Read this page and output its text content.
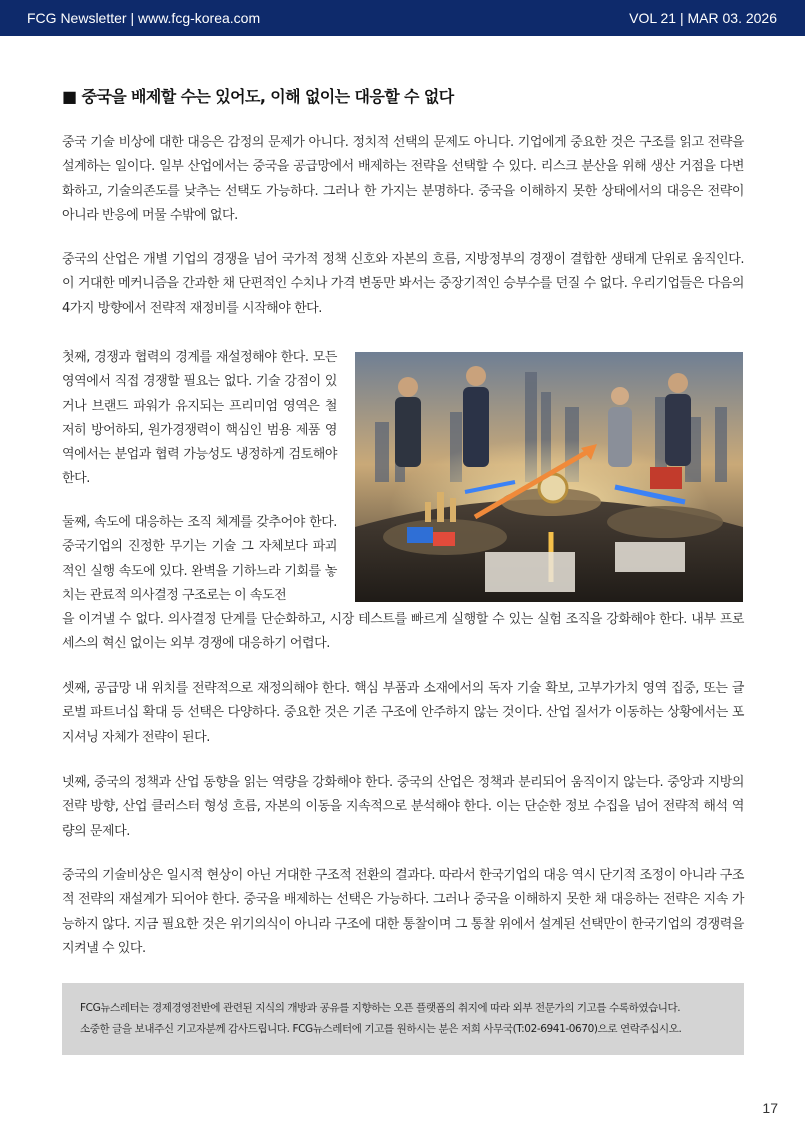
FCG Newsletter | www.fcg-korea.com	VOL 21 | MAR 03. 2026
■ 중국을 배제할 수는 있어도, 이해 없이는 대응할 수 없다

중국 기술 비상에 대한 대응은 감정의 문제가 아니다. 정치적 선택의 문제도 아니다. 기업에게 중요한 것은 구조를 읽고 전략을 설계하는 일이다. 일부 산업에서는 중국을 공급망에서 배제하는 전략을 선택할 수 있다. 리스크 분산을 위해 생산 거점을 다변화하고, 기술의존도를 낮추는 선택도 가능하다. 그러나 한 가지는 분명하다. 중국을 이해하지 못한 상태에서의 대응은 전략이 아니라 반응에 머물 수밖에 없다.

중국의 산업은 개별 기업의 경쟁을 넘어 국가적 정책 신호와 자본의 흐름, 지방정부의 경쟁이 결합한 생태계 단위로 움직인다. 이 거대한 메커니즘을 간과한 채 단편적인 수치나 가격 변동만 봐서는 중장기적인 승부수를 던질 수 없다. 우리기업들은 다음의 4가지 방향에서 전략적 재정비를 시작해야 한다.

첫째, 경쟁과 협력의 경계를 재설정해야 한다. 모든 영역에서 직접 경쟁할 필요는 없다. 기술 강점이 있거나 브랜드 파워가 유지되는 프리미엄 영역은 철저히 방어하되, 원가경쟁력이 핵심인 범용 제품 영역에서는 분업과 협력 가능성도 냉정하게 검토해야 한다.

둘째, 속도에 대응하는 조직 체계를 갖추어야 한다. 중국기업의 진정한 무기는 기술 그 자체보다 파괴적인 실행 속도에 있다. 완벽을 기하느라 기회를 놓치는 관료적 의사결정 구조로는 이 속도전

을 이겨낼 수 없다. 의사결정 단계를 단순화하고, 시장 테스트를 빠르게 실행할 수 있는 실험 조직을 강화해야 한다. 내부 프로세스의 혁신 없이는 외부 경쟁에 대응하기 어렵다.

셋째, 공급망 내 위치를 전략적으로 재정의해야 한다. 핵심 부품과 소재에서의 독자 기술 확보, 고부가가치 영역 집중, 또는 글로벌 파트너십 확대 등 선택은 다양하다. 중요한 것은 기존 구조에 안주하지 않는 것이다. 산업 질서가 이동하는 상황에서는 포지셔닝 자체가 전략이 된다.

넷째, 중국의 정책과 산업 동향을 읽는 역량을 강화해야 한다. 중국의 산업은 정책과 분리되어 움직이지 않는다. 중앙과 지방의 전략 방향, 산업 클러스터 형성 흐름, 자본의 이동을 지속적으로 분석해야 한다. 이는 단순한 정보 수집을 넘어 전략적 해석 역량의 문제다.

중국의 기술비상은 일시적 현상이 아닌 거대한 구조적 전환의 결과다. 따라서 한국기업의 대응 역시 단기적 조정이 아니라 구조적 전략의 재설계가 되어야 한다. 중국을 배제하는 선택은 가능하다. 그러나 중국을 이해하지 못한 채 대응하는 전략은 지속 가능하지 않다. 지금 필요한 것은 위기의식이 아니라 구조에 대한 통찰이며 그 통찰 위에서 설계된 선택만이 한국기업의 경쟁력을 지켜낼 수 있다.

FCG뉴스레터는 경제경영전반에 관련된 지식의 개방과 공유를 지향하는 오픈 플랫폼의 취지에 따라 외부 전문가의 기고를 수록하였습니다.
소중한 글을 보내주신 기고자분께 감사드립니다. FCG뉴스레터에 기고를 원하시는 분은 저희 사무국(T:02-6941-0670)으로 연락주십시오.
17
